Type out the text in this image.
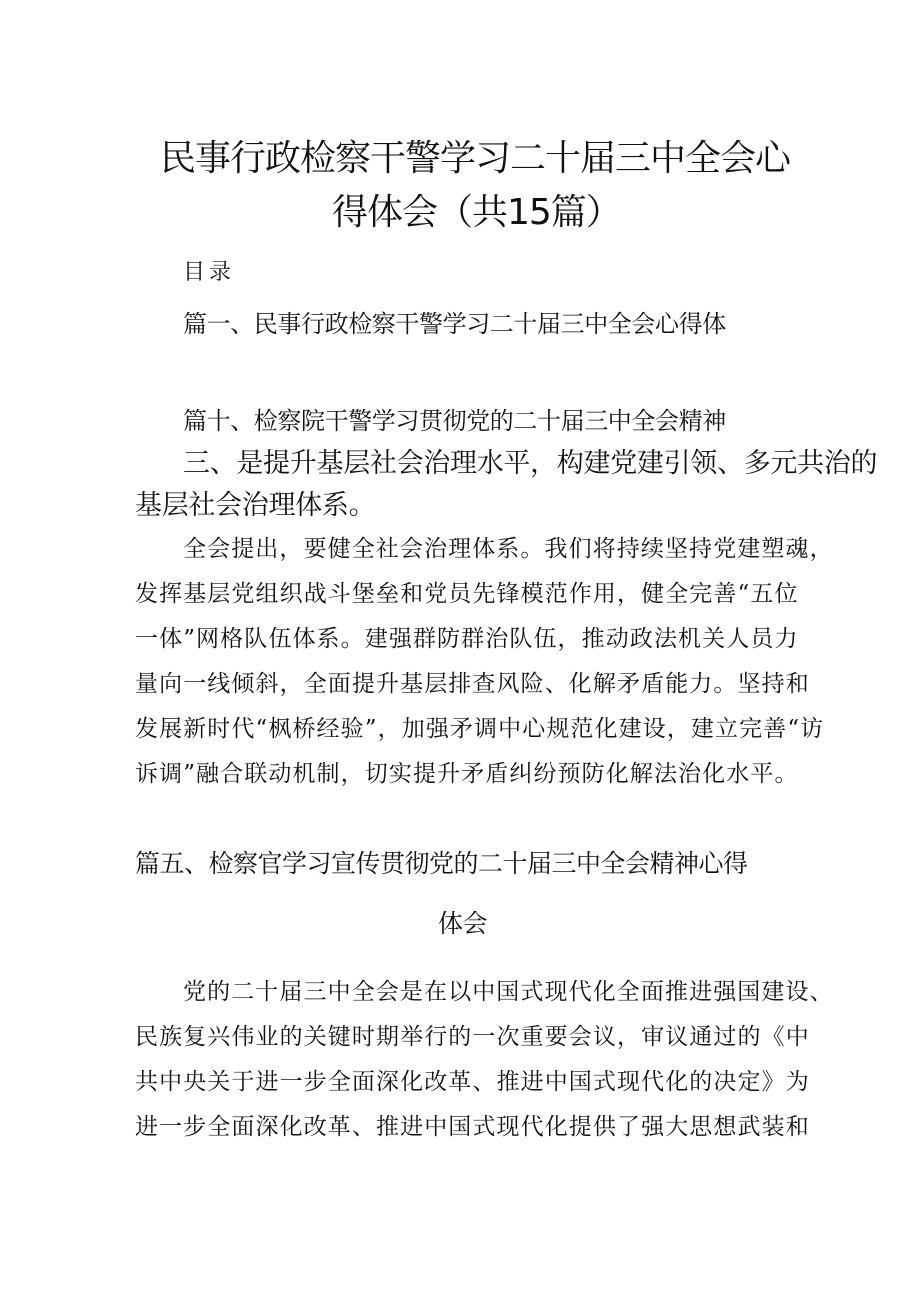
民事行政检察干警学习二十届三中全会心
得体会（共15篇）
目录
篇一、民事行政检察干警学习二十届三中全会心得体
篇十、检察院干警学习贯彻党的二十届三中全会精神
三、是提升基层社会治理水平，构建党建引领、多元共治的
基层社会治理体系。
全会提出，要健全社会治理体系。我们将持续坚持党建塑魂，
发挥基层党组织战斗堡垒和党员先锋模范作用，健全完善“五位
一体”网格队伍体系。建强群防群治队伍，推动政法机关人员力
量向一线倾斜，全面提升基层排查风险、化解矛盾能力。坚持和
发展新时代“枫桥经验”，加强矛调中心规范化建设，建立完善“访
诉调”融合联动机制，切实提升矛盾纠纷预防化解法治化水平。
篇五、检察官学习宣传贯彻党的二十届三中全会精神心得
体会
党的二十届三中全会是在以中国式现代化全面推进强国建设、
民族复兴伟业的关键时期举行的一次重要会议，审议通过的《中
共中央关于进一步全面深化改革、推进中国式现代化的决定》为
进一步全面深化改革、推进中国式现代化提供了强大思想武装和
